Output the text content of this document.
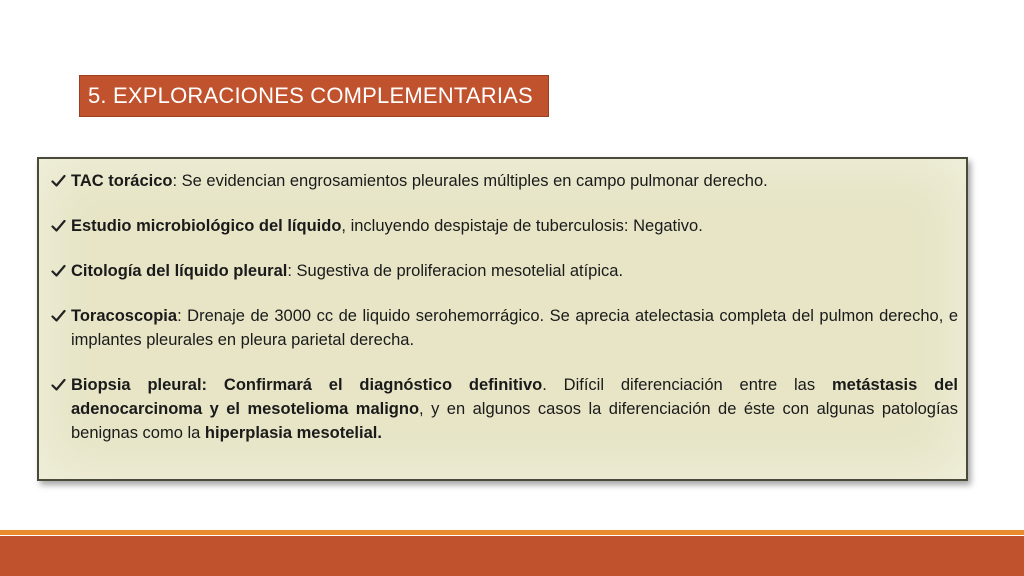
5. EXPLORACIONES COMPLEMENTARIAS
TAC torácico: Se evidencian engrosamientos pleurales múltiples en campo pulmonar derecho.
Estudio microbiológico del líquido, incluyendo despistaje de tuberculosis: Negativo.
Citología del líquido pleural: Sugestiva de proliferacion mesotelial atípica.
Toracoscopia: Drenaje de 3000 cc de liquido serohemorrágico. Se aprecia atelectasia completa del pulmon derecho, e implantes pleurales en pleura parietal derecha.
Biopsia pleural: Confirmará el diagnóstico definitivo. Difícil diferenciación entre las metástasis del adenocarcinoma y el mesotelioma maligno, y en algunos casos la diferenciación de éste con algunas patologías benignas como la hiperplasia mesotelial.
